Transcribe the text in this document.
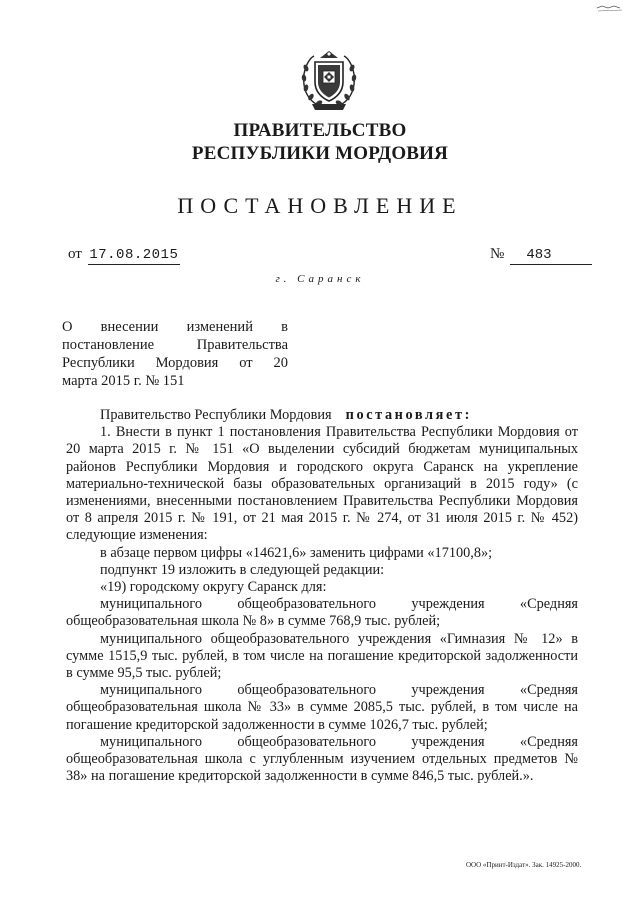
ПРАВИТЕЛЬСТВО
РЕСПУБЛИКИ МОРДОВИЯ
ПОСТАНОВЛЕНИЕ
от 17.08.2015	№ 483
г. Саранск
О внесении изменений в
постановление Правительства
Республики Мордовия от 20
марта 2015 г. № 151

Правительство Республики Мордовия постановляет:

1. Внести в пункт 1 постановления Правительства Республики Мордовия от 20 марта 2015 г. № 151 «О выделении субсидий бюджетам муниципальных районов Республики Мордовия и городского округа Саранск на укрепление материально-технической базы образовательных организаций в 2015 году» (с изменениями, внесенными постановлением Правительства Республики Мордовия от 8 апреля 2015 г. № 191, от 21 мая 2015 г. № 274, от 31 июля 2015 г. № 452) следующие изменения:

в абзаце первом цифры «14621,6» заменить цифрами «17100,8»;

подпункт 19 изложить в следующей редакции:

«19) городскому округу Саранск для:

муниципального общеобразовательного учреждения «Средняя общеобразовательная школа № 8» в сумме 768,9 тыс. рублей;

муниципального общеобразовательного учреждения «Гимназия № 12» в сумме 1515,9 тыс. рублей, в том числе на погашение кредиторской задолженности в сумме 95,5 тыс. рублей;

муниципального общеобразовательного учреждения «Средняя общеобразовательная школа № 33» в сумме 2085,5 тыс. рублей, в том числе на погашение кредиторской задолженности в сумме 1026,7 тыс. рублей;

муниципального общеобразовательного учреждения «Средняя общеобразовательная школа с углубленным изучением отдельных предметов № 38» на погашение кредиторской задолженности в сумме 846,5 тыс. рублей.».

ООО «Принт-Издат». Зак. 14925-2000.
